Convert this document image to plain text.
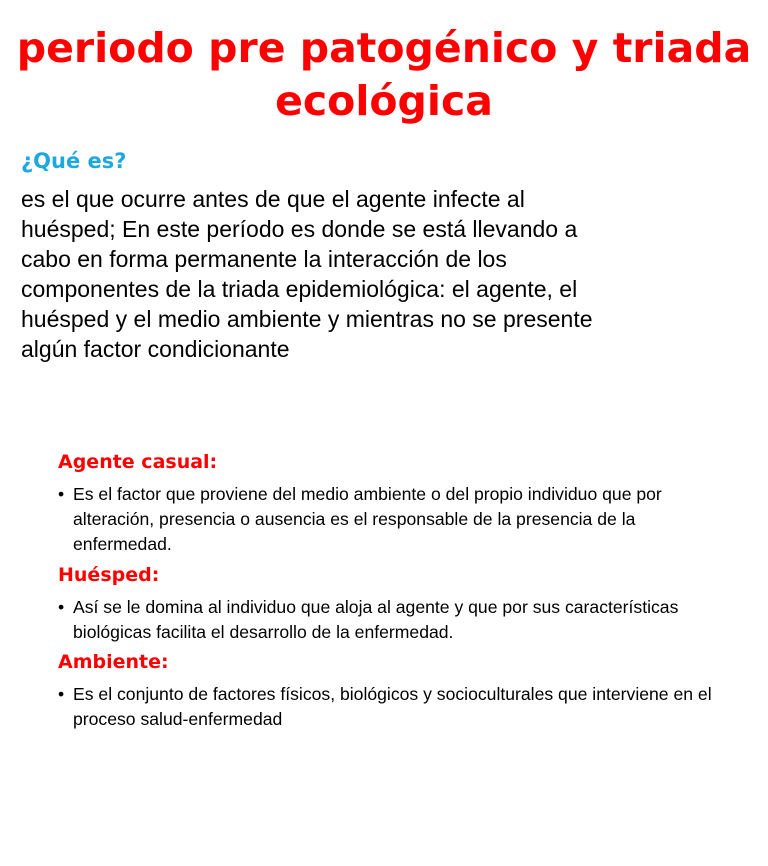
periodo pre patogénico y triada ecológica
¿Qué es?

es el que ocurre antes de que el agente infecte al huésped; En este período es donde se está llevando a cabo en forma permanente la interacción de los componentes de la triada epidemiológica: el agente, el huésped y el medio ambiente y mientras no se presente algún factor condicionante

Agente casual:
• Es el factor que proviene del medio ambiente o del propio individuo que por alteración, presencia o ausencia es el responsable de la presencia de la enfermedad.
Huésped:
• Así se le domina al individuo que aloja al agente y que por sus características biológicas facilita el desarrollo de la enfermedad.
Ambiente:
• Es el conjunto de factores físicos, biológicos y socioculturales que interviene en el proceso salud-enfermedad
